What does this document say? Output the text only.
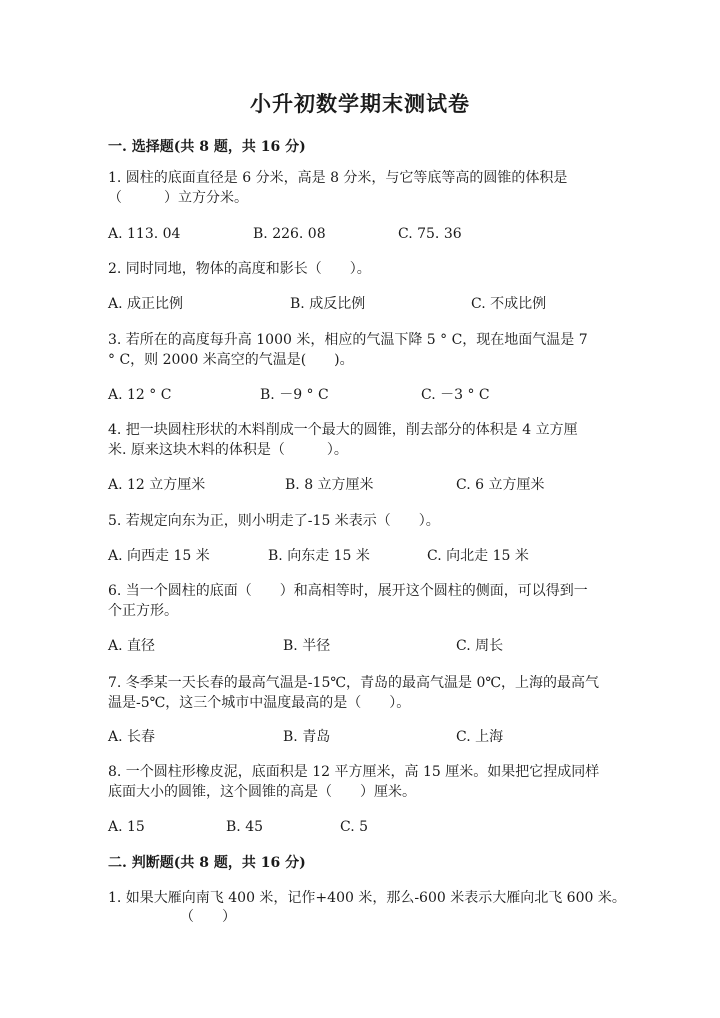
小升初数学期末测试卷
一. 选择题(共 8 题，共 16 分)
1. 圆柱的底面直径是 6 分米，高是 8 分米，与它等底等高的圆锥的体积是
（　　　）立方分米。
A. 113. 04	B. 226. 08	C. 75. 36
2. 同时同地，物体的高度和影长（　　）。
A. 成正比例	B. 成反比例	C. 不成比例
3. 若所在的高度每升高 1000 米，相应的气温下降 5 ° C，现在地面气温是 7
° C，则 2000 米高空的气温是(　　)。
A. 12 ° C	B. －9 ° C	C. －3 ° C
4. 把一块圆柱形状的木料削成一个最大的圆锥，削去部分的体积是 4 立方厘
米. 原来这块木料的体积是（　　　）。
A. 12 立方厘米	B. 8 立方厘米	C. 6 立方厘米
5. 若规定向东为正，则小明走了-15 米表示（　　）。
A. 向西走 15 米	B. 向东走 15 米	C. 向北走 15 米
6. 当一个圆柱的底面（　　）和高相等时，展开这个圆柱的侧面，可以得到一
个正方形。
A. 直径	B. 半径	C. 周长
7. 冬季某一天长春的最高气温是-15℃，青岛的最高气温是 0℃，上海的最高气
温是-5℃，这三个城市中温度最高的是（　　）。
A. 长春	B. 青岛	C. 上海
8. 一个圆柱形橡皮泥，底面积是 12 平方厘米，高 15 厘米。如果把它捏成同样
底面大小的圆锥，这个圆锥的高是（　　）厘米。
A. 15	B. 45	C. 5
二. 判断题(共 8 题，共 16 分)
1. 如果大雁向南飞 400 米，记作+400 米，那么-600 米表示大雁向北飞 600 米。
（　　）
